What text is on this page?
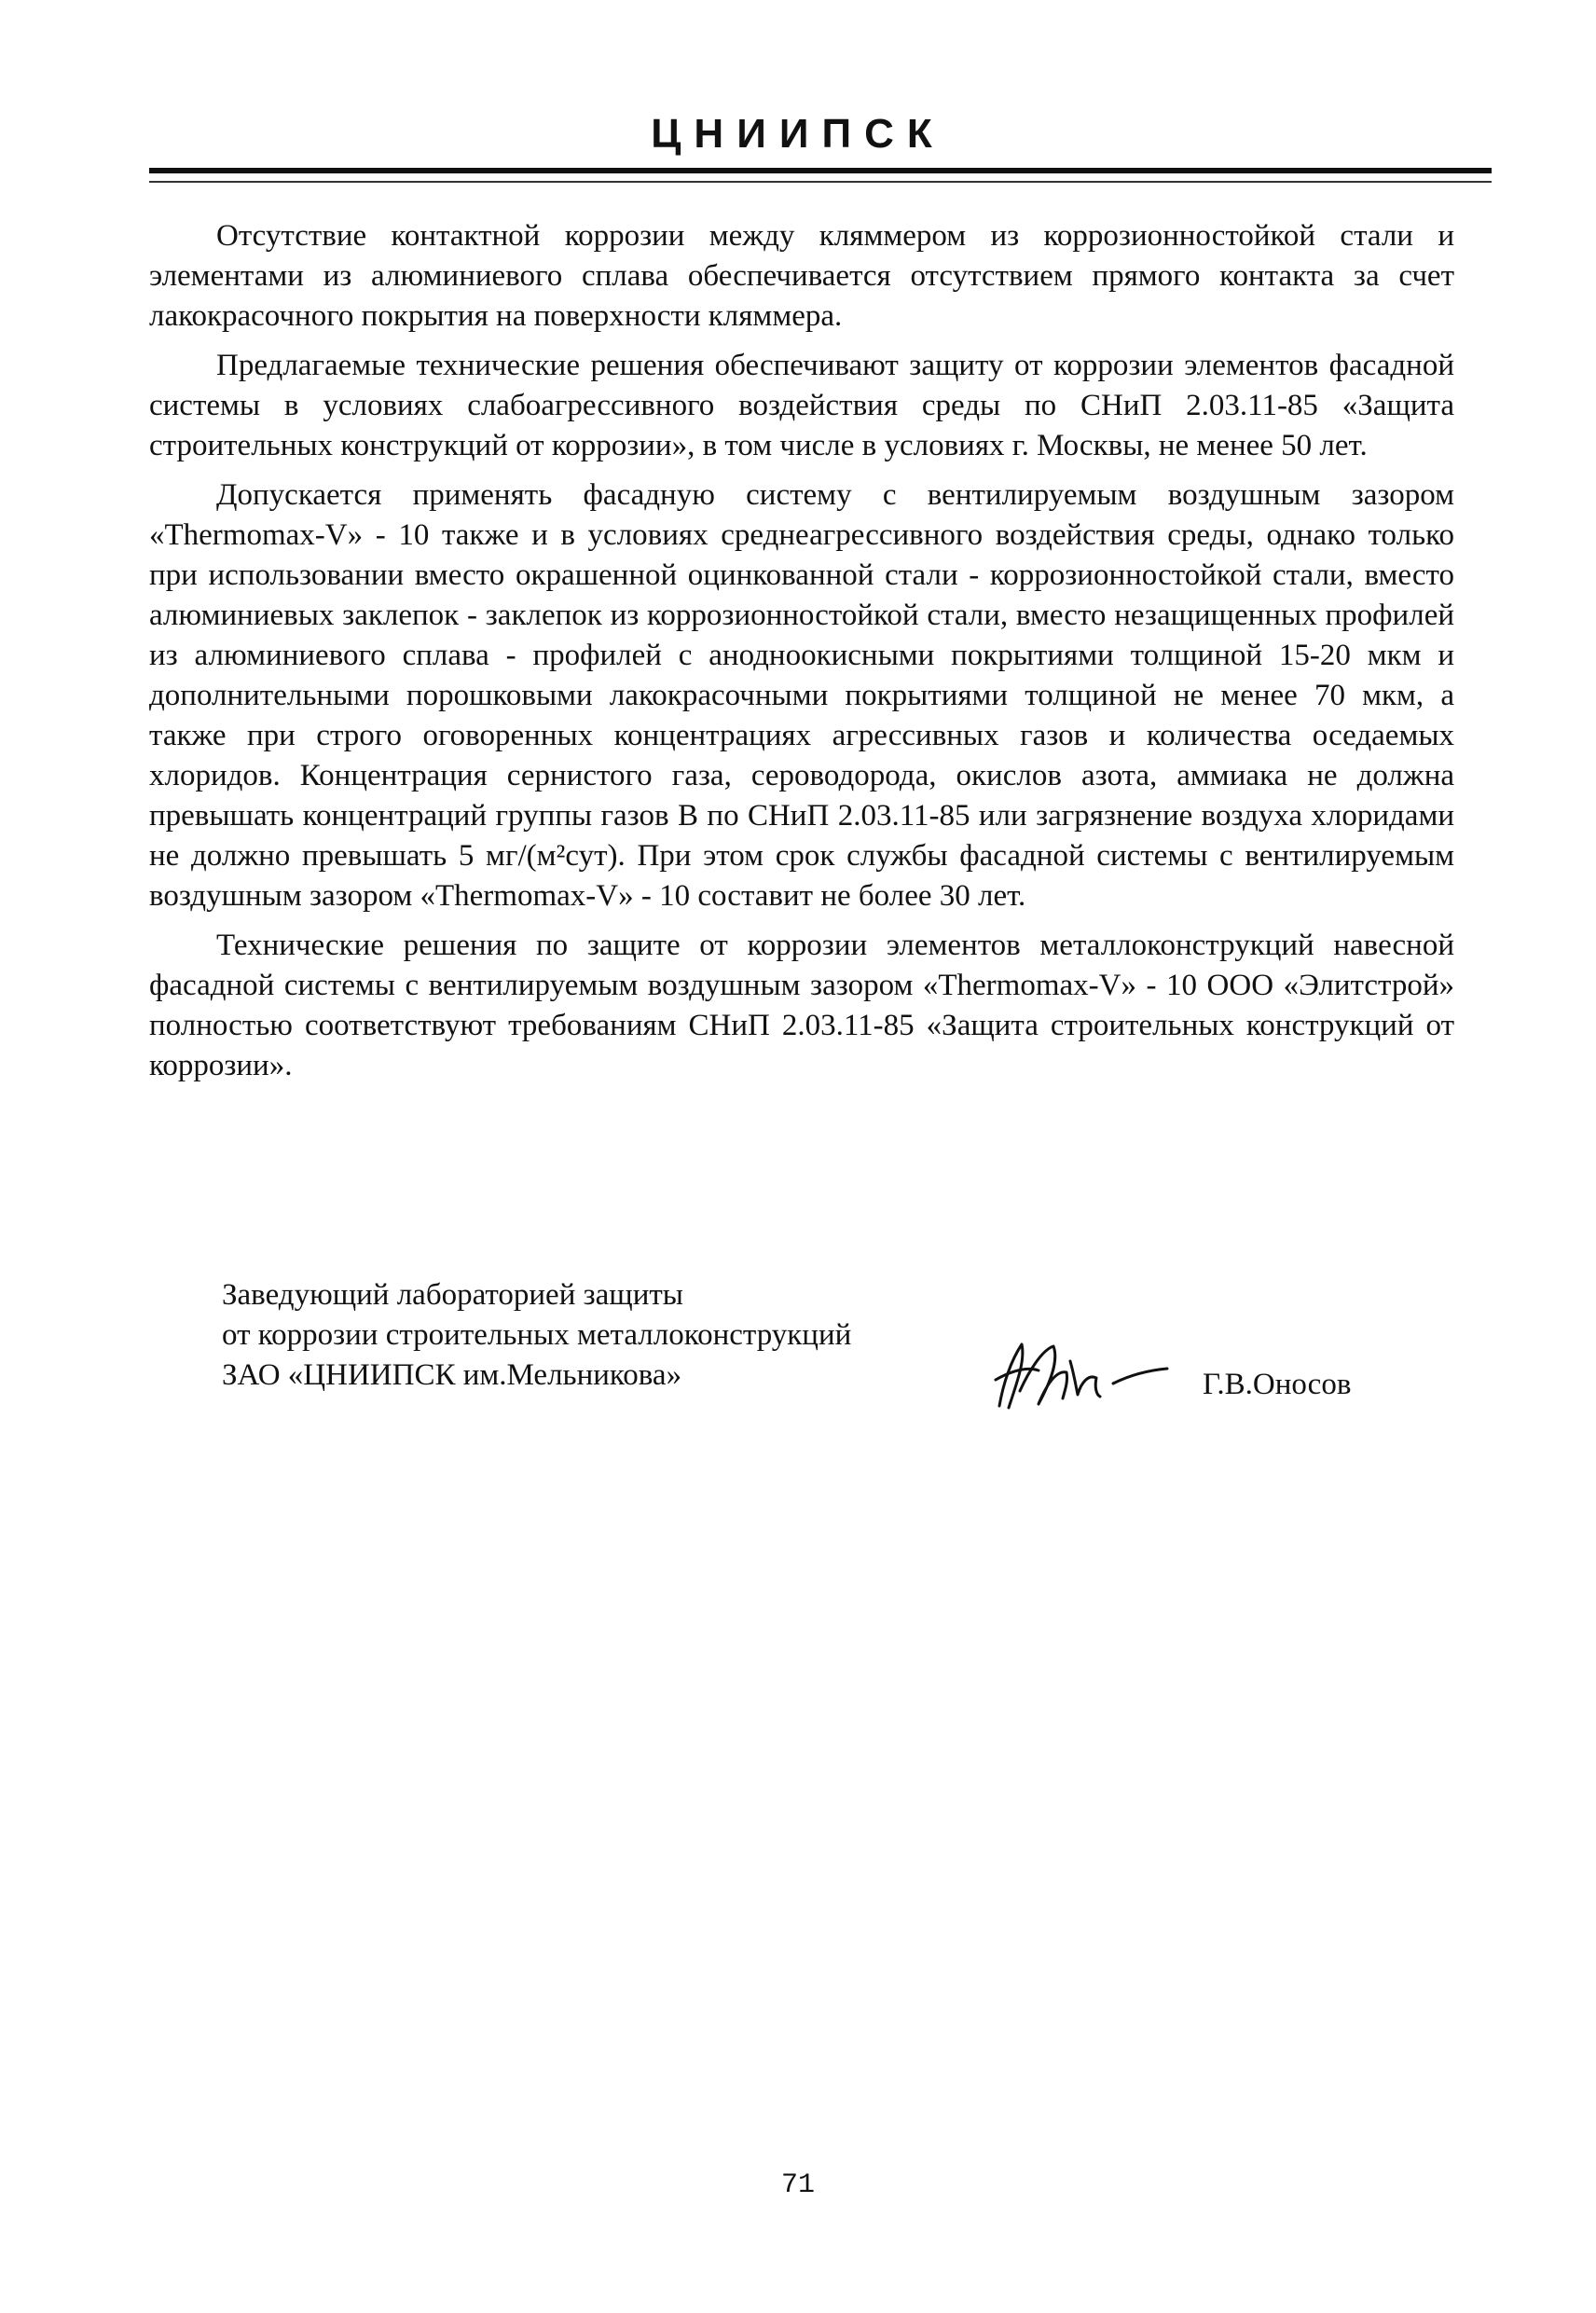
ЦНИИПСК

Отсутствие контактной коррозии между кляммером из коррозионностойкой стали и элементами из алюминиевого сплава обеспечивается отсутствием прямого контакта за счет лакокрасочного покрытия на поверхности кляммера.

Предлагаемые технические решения обеспечивают защиту от коррозии элементов фасадной системы в условиях слабоагрессивного воздействия среды по СНиП 2.03.11-85 «Защита строительных конструкций от коррозии», в том числе в условиях г. Москвы, не менее 50 лет.

Допускается применять фасадную систему с вентилируемым воздушным зазором «Thermomax-V» - 10 также и в условиях среднеагрессивного воздействия среды, однако только при использовании вместо окрашенной оцинкованной стали - коррозионностойкой стали, вместо алюминиевых заклепок - заклепок из коррозионностойкой стали, вместо незащищенных профилей из алюминиевого сплава - профилей с анодноокисными покрытиями толщиной 15-20 мкм и дополнительными порошковыми лакокрасочными покрытиями толщиной не менее 70 мкм, а также при строго оговоренных концентрациях агрессивных газов и количества оседаемых хлоридов. Концентрация сернистого газа, сероводорода, окислов азота, аммиака не должна превышать концентраций группы газов В по СНиП 2.03.11-85 или загрязнение воздуха хлоридами не должно превышать 5 мг/(м²сут). При этом срок службы фасадной системы с вентилируемым воздушным зазором «Thermomax-V» - 10 составит не более 30 лет.

Технические решения по защите от коррозии элементов металлоконструкций навесной фасадной системы с вентилируемым воздушным зазором «Thermomax-V» - 10 ООО «Элитстрой» полностью соответствуют требованиям СНиП 2.03.11-85 «Защита строительных конструкций от коррозии».

Заведующий лабораторией защиты
от коррозии строительных металлоконструкций
ЗАО «ЦНИИПСК им.Мельникова»	Г.В.Оносов
71
